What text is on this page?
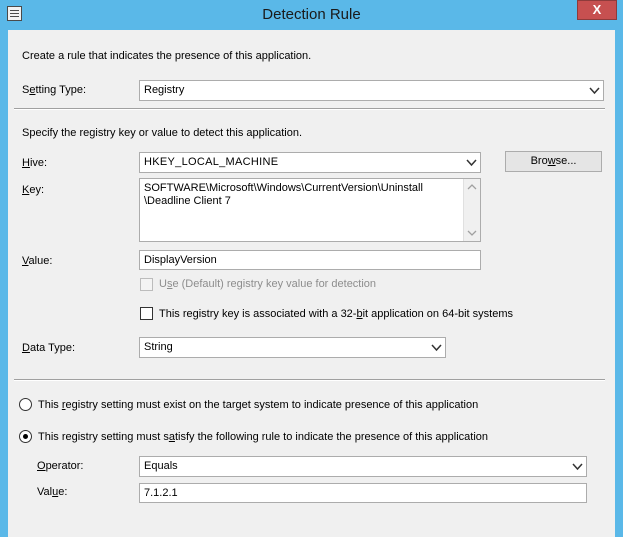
Detection Rule	X
Create a rule that indicates the presence of this application.
Setting Type:	Registry
Specify the registry key or value to detect this application.
Hive:	HKEY_LOCAL_MACHINE	Browse...
Key:	SOFTWARE\Microsoft\Windows\CurrentVersion\Uninstall
\Deadline Client 7
Value:	DisplayVersion
Use (Default) registry key value for detection
This registry key is associated with a 32-bit application on 64-bit systems
Data Type:	String
This registry setting must exist on the target system to indicate presence of this application
This registry setting must satisfy the following rule to indicate the presence of this application
Operator:	Equals
Value:	7.1.2.1
